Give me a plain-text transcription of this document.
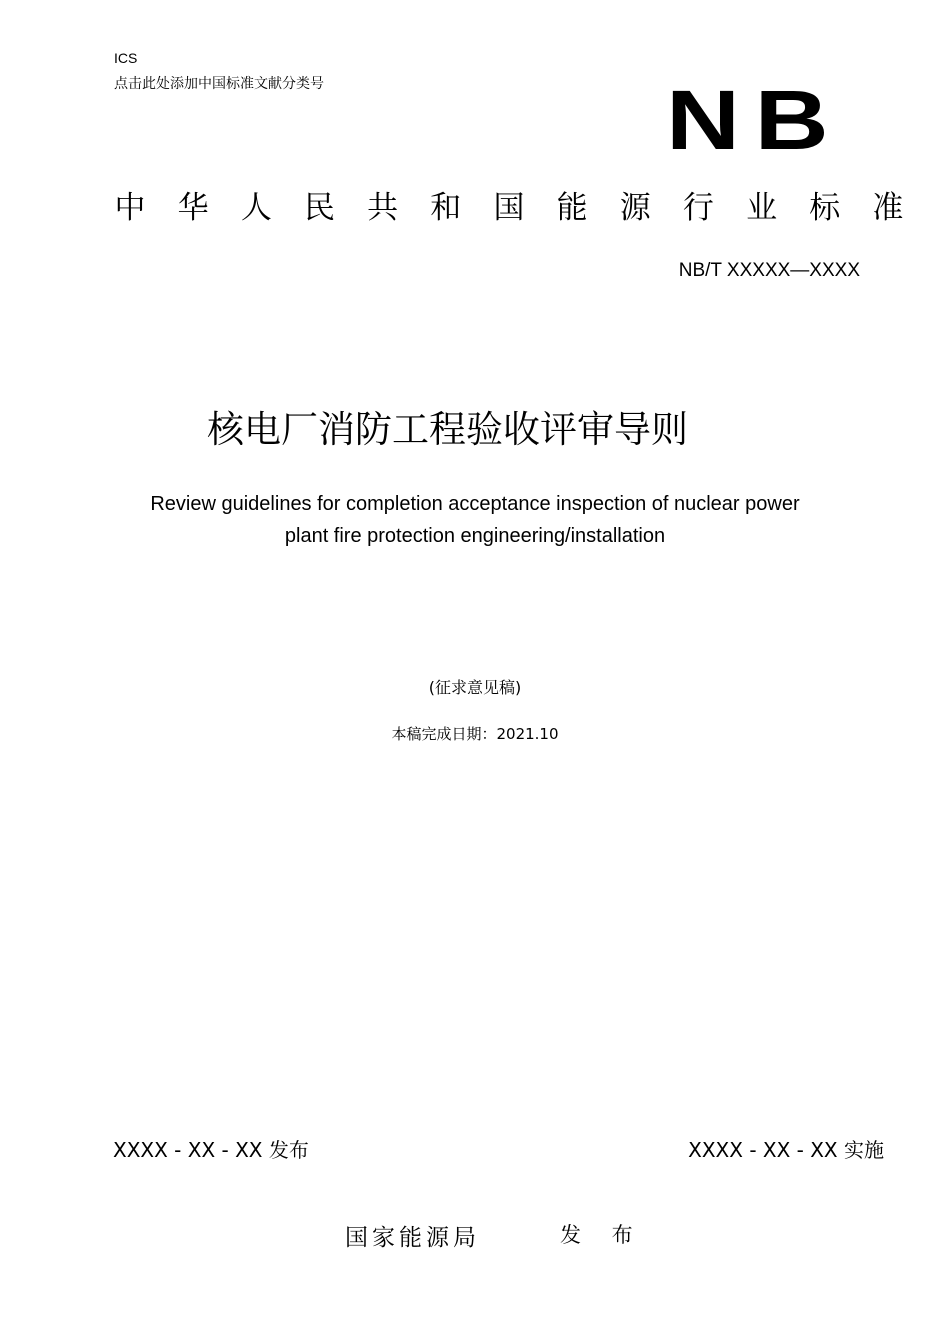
ICS
点击此处添加中国标准文献分类号	NB
中 华 人 民 共 和 国 能 源 行 业 标 准
NB/T XXXXX—XXXX
核电厂消防工程验收评审导则
Review guidelines for completion acceptance inspection of nuclear power
plant fire protection engineering/installation
(征求意见稿)
本稿完成日期：2021.10
XXXX - XX - XX 发布	XXXX - XX - XX 实施
国家能源局	发 布
